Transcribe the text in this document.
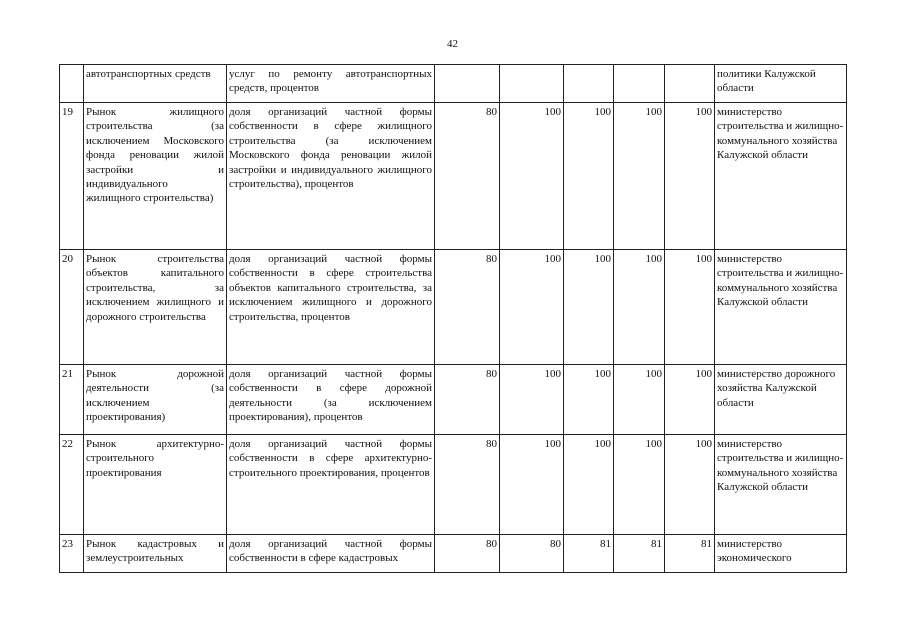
42
	автотранспортных средств	услуг по ремонту автотранспортных средств, процентов						политики Калужской области
19	Рынок жилищного строительства (за исключением Московского фонда реновации жилой застройки и индивидуального жилищного строительства)	доля организаций частной формы собственности в сфере жилищного строительства (за исключением Московского фонда реновации жилой застройки и индивидуального жилищного строительства), процентов	80	100	100	100	100	министерство строительства и жилищно-коммунального хозяйства Калужской области
20	Рынок строительства объектов капитального строительства, за исключением жилищного и дорожного строительства	доля организаций частной формы собственности в сфере строительства объектов капитального строительства, за исключением жилищного и дорожного строительства, процентов	80	100	100	100	100	министерство строительства и жилищно-коммунального хозяйства Калужской области
21	Рынок дорожной деятельности (за исключением проектирования)	доля организаций частной формы собственности в сфере дорожной деятельности (за исключением проектирования), процентов	80	100	100	100	100	министерство дорожного хозяйства Калужской области
22	Рынок архитектурно-строительного проектирования	доля организаций частной формы собственности в сфере архитектурно-строительного проектирования, процентов	80	100	100	100	100	министерство строительства и жилищно-коммунального хозяйства Калужской области
23	Рынок кадастровых и землеустроительных	доля организаций частной формы собственности в сфере кадастровых	80	80	81	81	81	министерство экономического
